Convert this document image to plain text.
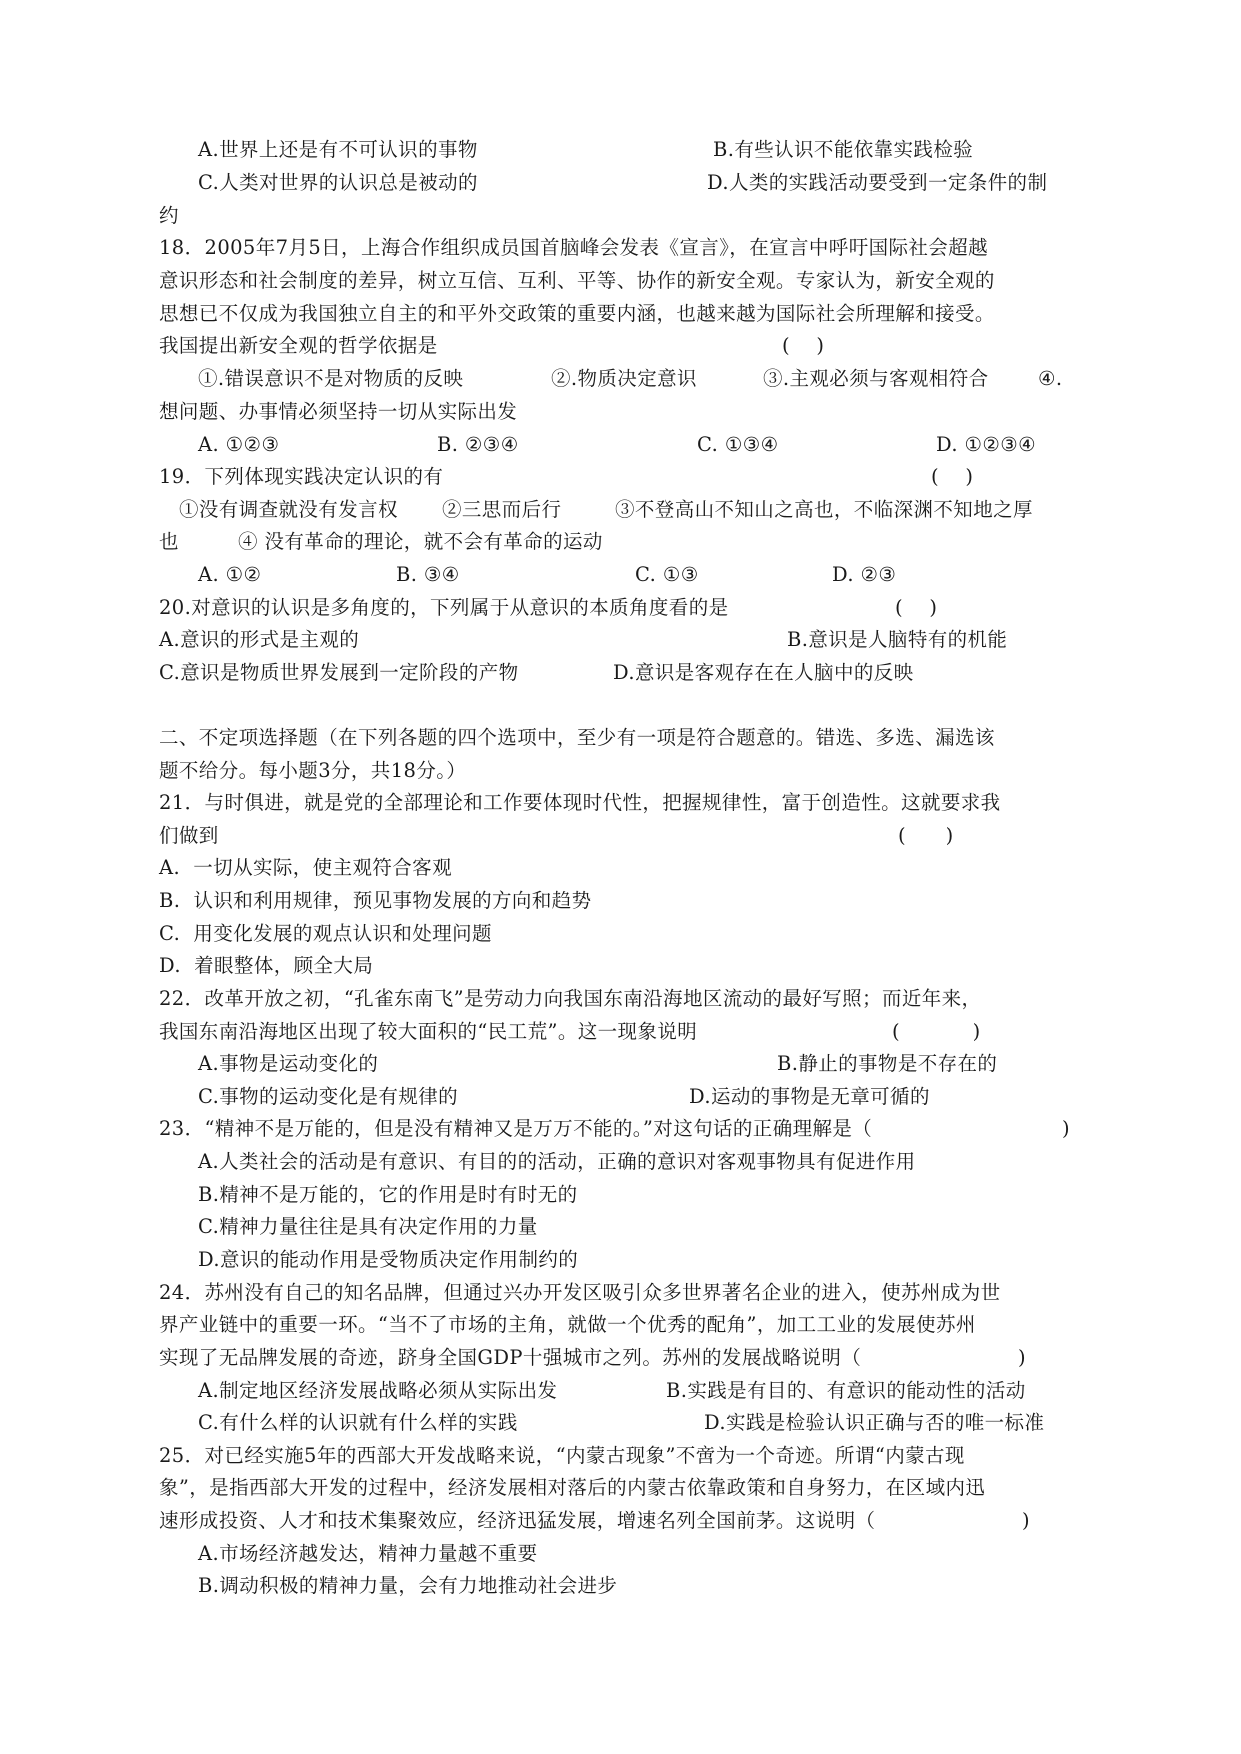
A.世界上还是有不可认识的事物	B.有些认识不能依靠实践检验
C.人类对世界的认识总是被动的	D.人类的实践活动要受到一定条件的制
约
18．2005年7月5日，上海合作组织成员国首脑峰会发表《宣言》，在宣言中呼吁国际社会超越
意识形态和社会制度的差异，树立互信、互利、平等、协作的新安全观。专家认为，新安全观的
思想已不仅成为我国独立自主的和平外交政策的重要内涵，也越来越为国际社会所理解和接受。
我国提出新安全观的哲学依据是	(    )
①.错误意识不是对物质的反映	②.物质决定意识	③.主观必须与客观相符合	④.
想问题、办事情必须坚持一切从实际出发
A. ①②③	B. ②③④	C. ①③④	D. ①②③④
19．下列体现实践决定认识的有	(    )
①没有调查就没有发言权 ②三思而后行	③不登高山不知山之高也，不临深渊不知地之厚
也	④ 没有革命的理论，就不会有革命的运动
A. ①②	B. ③④	C. ①③	D. ②③
20.对意识的认识是多角度的，下列属于从意识的本质角度看的是	(    )
A.意识的形式是主观的	B.意识是人脑特有的机能
C.意识是物质世界发展到一定阶段的产物	D.意识是客观存在在人脑中的反映
二、不定项选择题（在下列各题的四个选项中，至少有一项是符合题意的。错选、多选、漏选该
题不给分。每小题3分，共18分。）
21．与时俱进，就是党的全部理论和工作要体现时代性，把握规律性，富于创造性。这就要求我
们做到	(      )
A.  一切从实际，使主观符合客观
B.  认识和利用规律，预见事物发展的方向和趋势
C.  用变化发展的观点认识和处理问题
D.  着眼整体，顾全大局
22．改革开放之初，“孔雀东南飞”是劳动力向我国东南沿海地区流动的最好写照；而近年来，
我国东南沿海地区出现了较大面积的“民工荒”。这一现象说明	(           )
A.事物是运动变化的	B.静止的事物是不存在的
C.事物的运动变化是有规律的	D.运动的事物是无章可循的
23．“精神不是万能的，但是没有精神又是万万不能的。”对这句话的正确理解是（	)
A.人类社会的活动是有意识、有目的的活动，正确的意识对客观事物具有促进作用
B.精神不是万能的，它的作用是时有时无的
C.精神力量往往是具有决定作用的力量
D.意识的能动作用是受物质决定作用制约的
24．苏州没有自己的知名品牌，但通过兴办开发区吸引众多世界著名企业的进入，使苏州成为世
界产业链中的重要一环。“当不了市场的主角，就做一个优秀的配角”，加工工业的发展使苏州
实现了无品牌发展的奇迹，跻身全国GDP十强城市之列。苏州的发展战略说明（	)
A.制定地区经济发展战略必须从实际出发	B.实践是有目的、有意识的能动性的活动
C.有什么样的认识就有什么样的实践	D.实践是检验认识正确与否的唯一标准
25．对已经实施5年的西部大开发战略来说，“内蒙古现象”不啻为一个奇迹。所谓“内蒙古现
象”，是指西部大开发的过程中，经济发展相对落后的内蒙古依靠政策和自身努力，在区域内迅
速形成投资、人才和技术集聚效应，经济迅猛发展，增速名列全国前茅。这说明（	)
A.市场经济越发达，精神力量越不重要
B.调动积极的精神力量，会有力地推动社会进步
